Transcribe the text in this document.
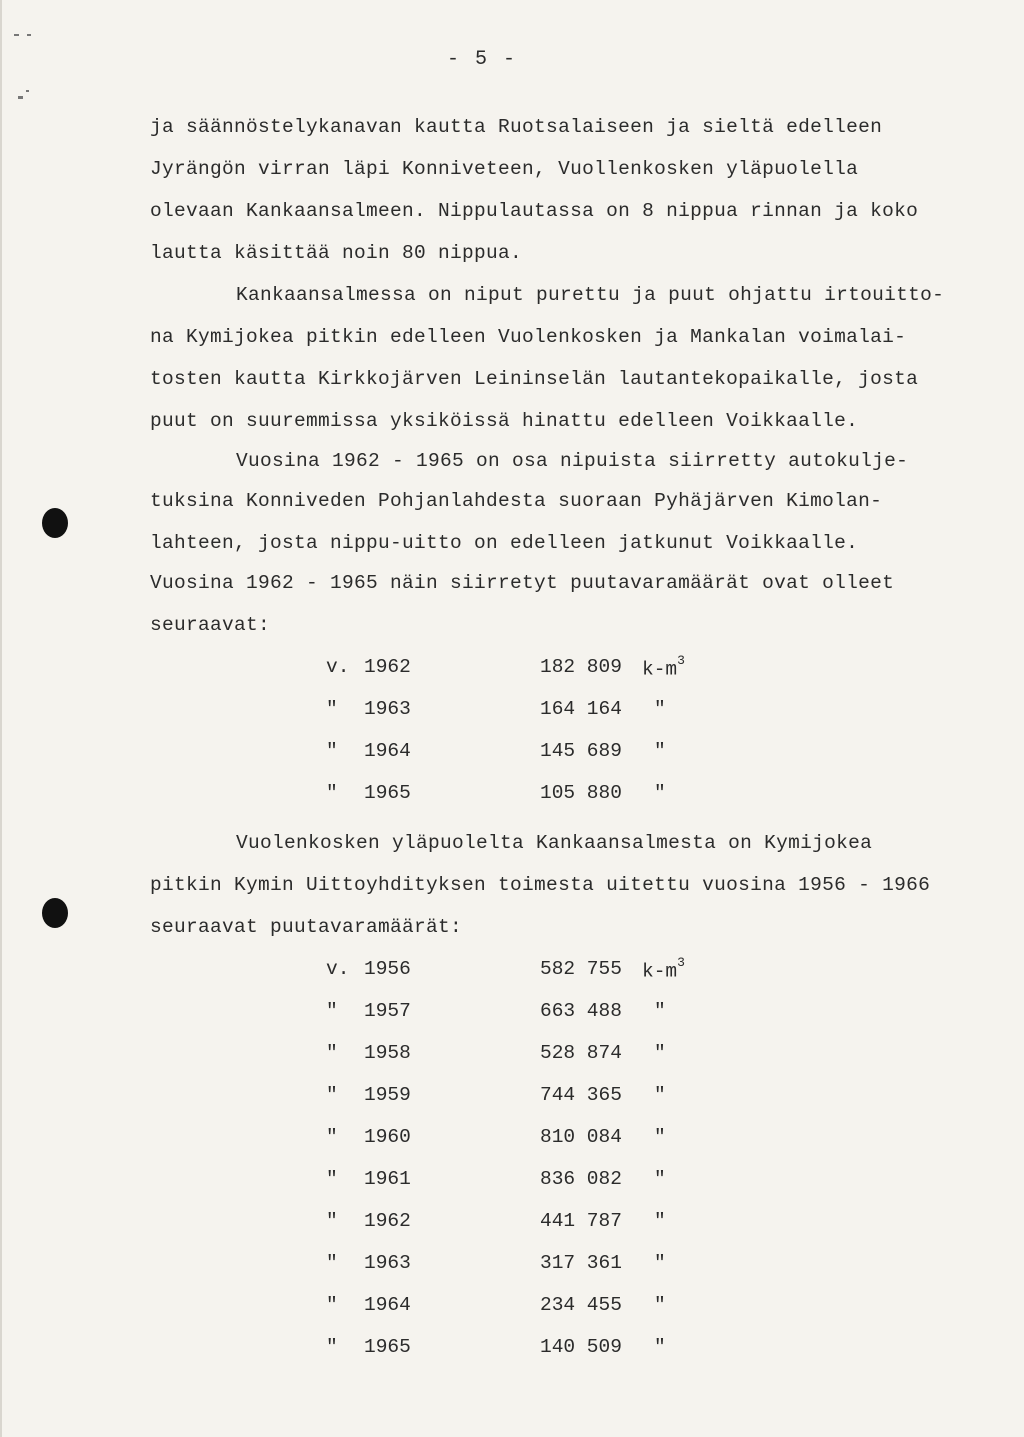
- 5 -
ja säännöstelykanavan kautta Ruotsalaiseen ja sieltä edelleen
Jyrängön virran läpi Konniveteen, Vuollenkosken yläpuolella
olevaan Kankaansalmeen. Nippulautassa on 8 nippua rinnan ja koko
lautta käsittää noin 80 nippua.
Kankaansalmessa on niput purettu ja puut ohjattu irtouitto-
na Kymijokea pitkin edelleen Vuolenkosken ja Mankalan voimalai-
tosten kautta Kirkkojärven Leininselän lautantekopaikalle, josta
puut on suuremmissa yksiköissä hinattu edelleen Voikkaalle.
Vuosina 1962 - 1965 on osa nipuista siirretty autokulje-
tuksina Konniveden Pohjanlahdesta suoraan Pyhäjärven Kimolan-
lahteen, josta nippu-uitto on edelleen jatkunut Voikkaalle.
Vuosina 1962 - 1965 näin siirretyt puutavaramäärät ovat olleet
seuraavat:
v. 1962	182 809	$k-m^3$
"	1963	164 164	"
"	1964	145 689	"
"	1965	105 880	"
Vuolenkosken yläpuolelta Kankaansalmesta on Kymijokea
pitkin Kymin Uittoyhdityksen toimesta uitettu vuosina 1956 - 1966
seuraavat puutavaramäärät:
v. 1956	582 755	$k-m^3$
"	1957	663 488	"
"	1958	528 874	"
"	1959	744 365	"
"	1960	810 084	"
"	1961	836 082	"
"	1962	441 787	"
"	1963	317 361	"
"	1964	234 455	"
"	1965	140 509	"
